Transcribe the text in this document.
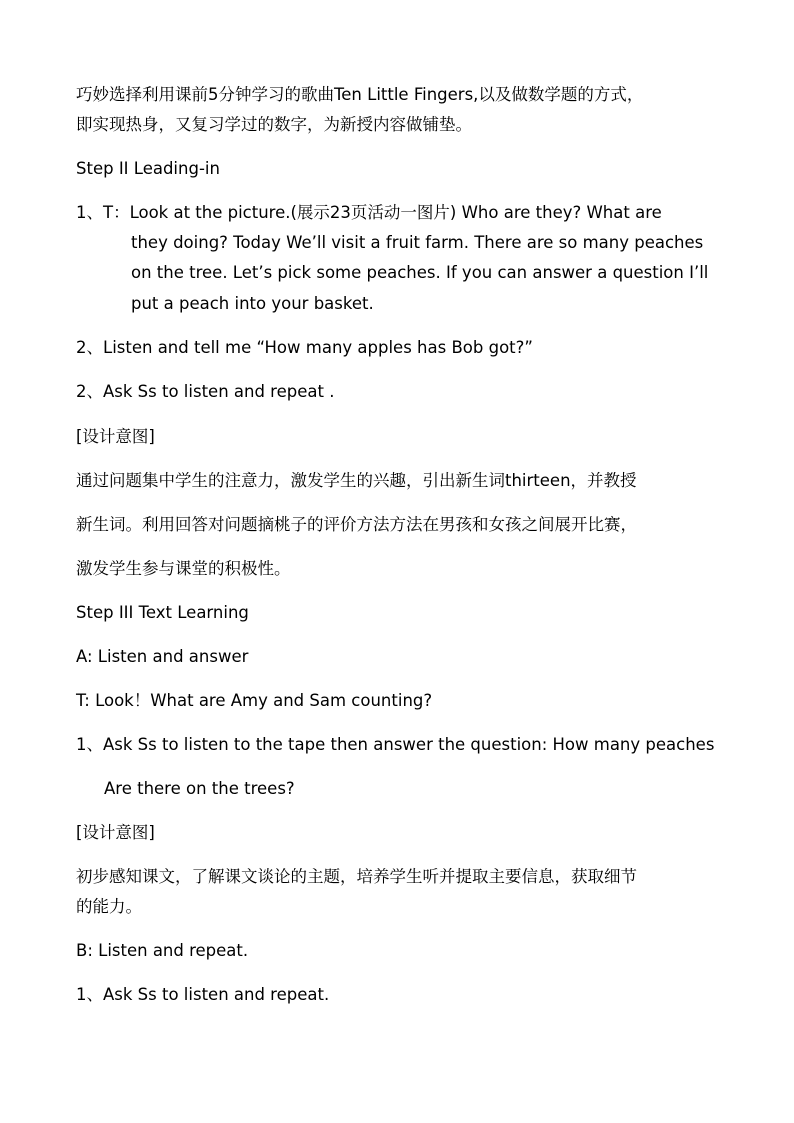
巧妙选择利用课前5分钟学习的歌曲Ten Little Fingers,以及做数学题的方式，
即实现热身，又复习学过的数字，为新授内容做铺垫。
Step II Leading-in
1、T：Look at the picture.(展示23页活动一图片) Who are they? What are
they doing? Today We’ll visit a fruit farm. There are so many peaches
on the tree. Let’s pick some peaches. If you can answer a question I’ll
put a peach into your basket.
2、Listen and tell me “How many apples has Bob got?”
2、Ask Ss to listen and repeat .
[设计意图]
通过问题集中学生的注意力，激发学生的兴趣，引出新生词thirteen，并教授
新生词。利用回答对问题摘桃子的评价方法方法在男孩和女孩之间展开比赛，
激发学生参与课堂的积极性。
Step III Text Learning
A: Listen and answer
T: Look！What are Amy and Sam counting?
1、Ask Ss to listen to the tape then answer the question: How many peaches
Are there on the trees?
[设计意图]
初步感知课文，了解课文谈论的主题，培养学生听并提取主要信息，获取细节
的能力。
B: Listen and repeat.
1、Ask Ss to listen and repeat.
